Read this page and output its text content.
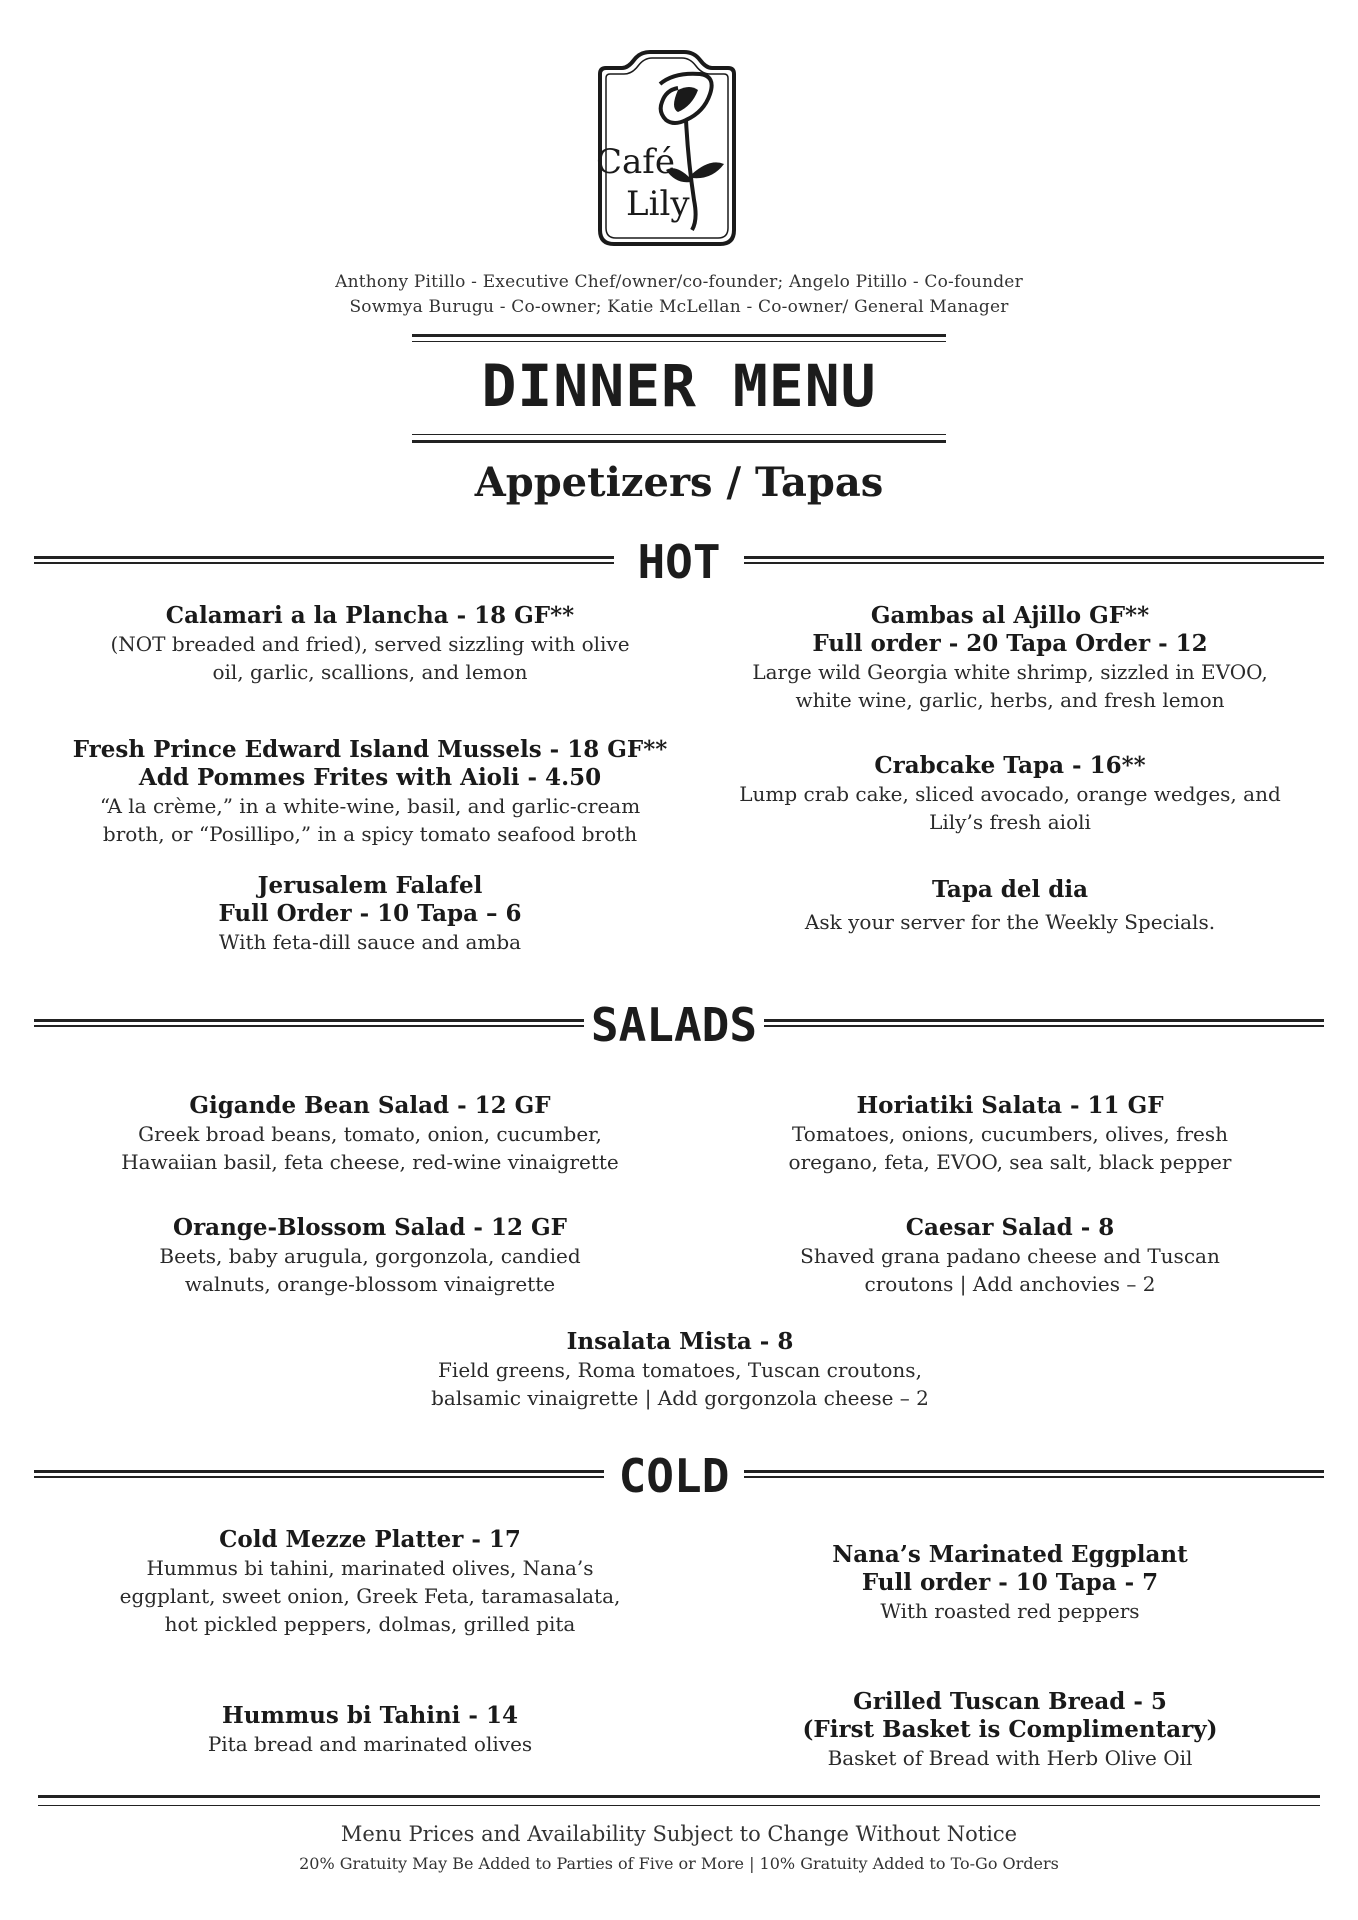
Café
Lily
Anthony Pitillo - Executive Chef/owner/co-founder; Angelo Pitillo - Co-founder
Sowmya Burugu - Co-owner; Katie McLellan - Co-owner/ General Manager
DINNER MENU
Appetizers / Tapas
HOT
Calamari a la Plancha - 18 GF**
(NOT breaded and fried), served sizzling with olive
oil, garlic, scallions, and lemon
Gambas al Ajillo GF**
Full order - 20 Tapa Order - 12
Large wild Georgia white shrimp, sizzled in EVOO,
white wine, garlic, herbs, and fresh lemon
Fresh Prince Edward Island Mussels - 18 GF**
Add Pommes Frites with Aioli - 4.50
“A la crème,” in a white-wine, basil, and garlic-cream
broth, or “Posillipo,” in a spicy tomato seafood broth
Crabcake Tapa - 16**
Lump crab cake, sliced avocado, orange wedges, and
Lily’s fresh aioli
Jerusalem Falafel
Full Order - 10 Tapa – 6
With feta-dill sauce and amba
Tapa del dia
Ask your server for the Weekly Specials.
SALADS
Gigande Bean Salad - 12 GF
Greek broad beans, tomato, onion, cucumber,
Hawaiian basil, feta cheese, red-wine vinaigrette
Horiatiki Salata - 11 GF
Tomatoes, onions, cucumbers, olives, fresh
oregano, feta, EVOO, sea salt, black pepper
Orange-Blossom Salad - 12 GF
Beets, baby arugula, gorgonzola, candied
walnuts, orange-blossom vinaigrette
Caesar Salad - 8
Shaved grana padano cheese and Tuscan
croutons | Add anchovies – 2
Insalata Mista - 8
Field greens, Roma tomatoes, Tuscan croutons,
balsamic vinaigrette | Add gorgonzola cheese – 2
COLD
Cold Mezze Platter - 17
Hummus bi tahini, marinated olives, Nana’s
eggplant, sweet onion, Greek Feta, taramasalata,
hot pickled peppers, dolmas, grilled pita
Nana’s Marinated Eggplant
Full order - 10 Tapa - 7
With roasted red peppers
Hummus bi Tahini - 14
Pita bread and marinated olives
Grilled Tuscan Bread - 5
(First Basket is Complimentary)
Basket of Bread with Herb Olive Oil
Menu Prices and Availability Subject to Change Without Notice
20% Gratuity May Be Added to Parties of Five or More | 10% Gratuity Added to To-Go Orders
